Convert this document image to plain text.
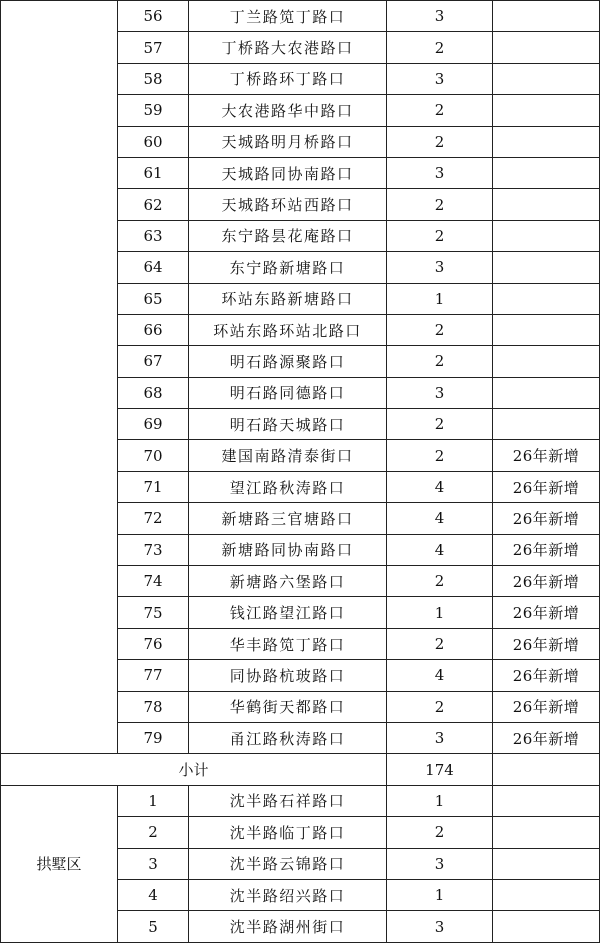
	56	丁兰路笕丁路口	3	
	57	丁桥路大农港路口	2	
	58	丁桥路环丁路口	3	
	59	大农港路华中路口	2	
	60	天城路明月桥路口	2	
	61	天城路同协南路口	3	
	62	天城路环站西路口	2	
	63	东宁路昙花庵路口	2	
	64	东宁路新塘路口	3	
	65	环站东路新塘路口	1	
	66	环站东路环站北路口	2	
	67	明石路源聚路口	2	
	68	明石路同德路口	3	
	69	明石路天城路口	2	
	70	建国南路清泰街口	2	26年新增
	71	望江路秋涛路口	4	26年新增
	72	新塘路三官塘路口	4	26年新增
	73	新塘路同协南路口	4	26年新增
	74	新塘路六堡路口	2	26年新增
	75	钱江路望江路口	1	26年新增
	76	华丰路笕丁路口	2	26年新增
	77	同协路杭玻路口	4	26年新增
	78	华鹤街天都路口	2	26年新增
	79	甬江路秋涛路口	3	26年新增
小计			174	
拱墅区	1	沈半路石祥路口	1	
	2	沈半路临丁路口	2	
	3	沈半路云锦路口	3	
	4	沈半路绍兴路口	1	
	5	沈半路湖州街口	3	
